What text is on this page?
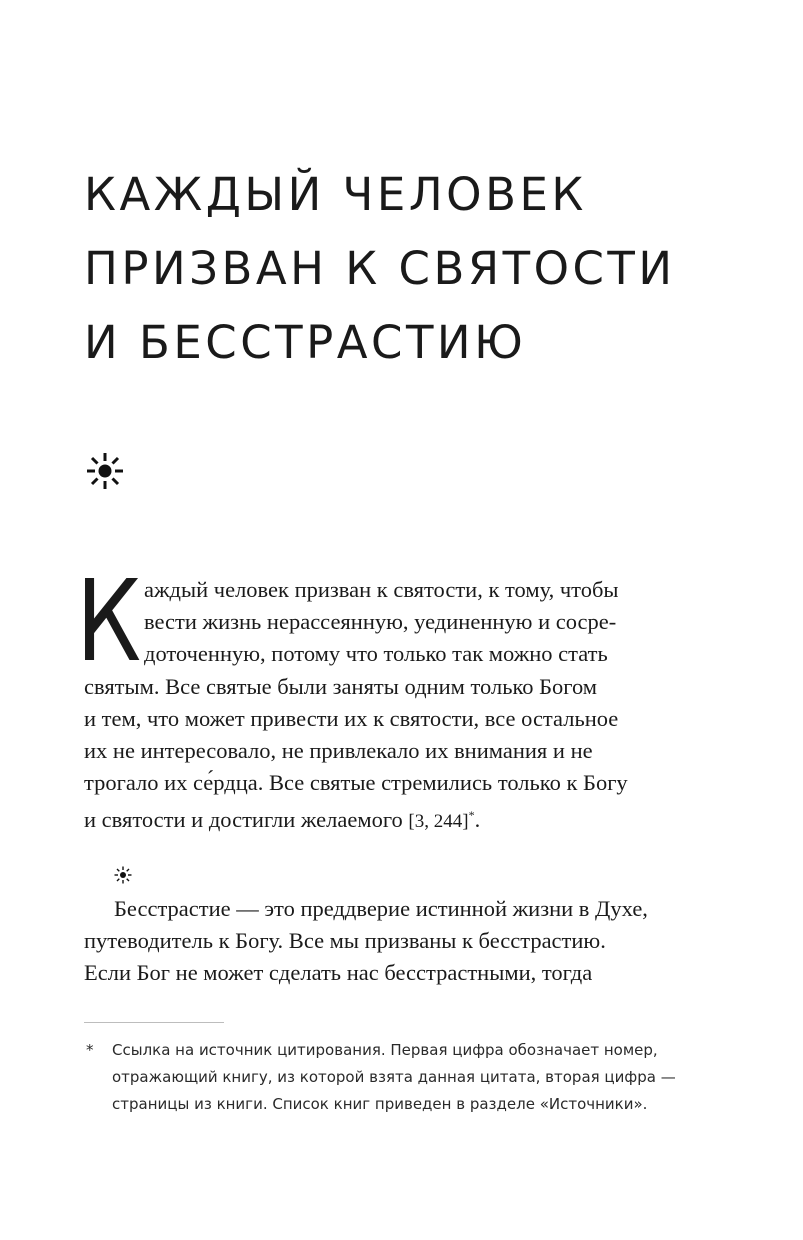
КАЖДЫЙ ЧЕЛОВЕК
ПРИЗВАН К СВЯТОСТИ
И БЕССТРАСТИЮ
К аждый человек призван к святости, к тому, чтобы
вести жизнь нерассеянную, уединенную и сосре-
доточенную, потому что только так можно стать
святым. Все святые были заняты одним только Богом
и тем, что может привести их к святости, все остальное
их не интересовало, не привлекало их внимания и не
трогало их се́рдца. Все святые стремились только к Богу
и святости и достигли желаемого [3, 244]*.
Бесстрастие — это преддверие истинной жизни в Духе,
путеводитель к Богу. Все мы призваны к бесстрастию.
Если Бог не может сделать нас бесстрастными, тогда
* Ссылка на источник цитирования. Первая цифра обозначает номер,
отражающий книгу, из которой взята данная цитата, вторая цифра —
страницы из книги. Список книг приведен в разделе «Источники».
